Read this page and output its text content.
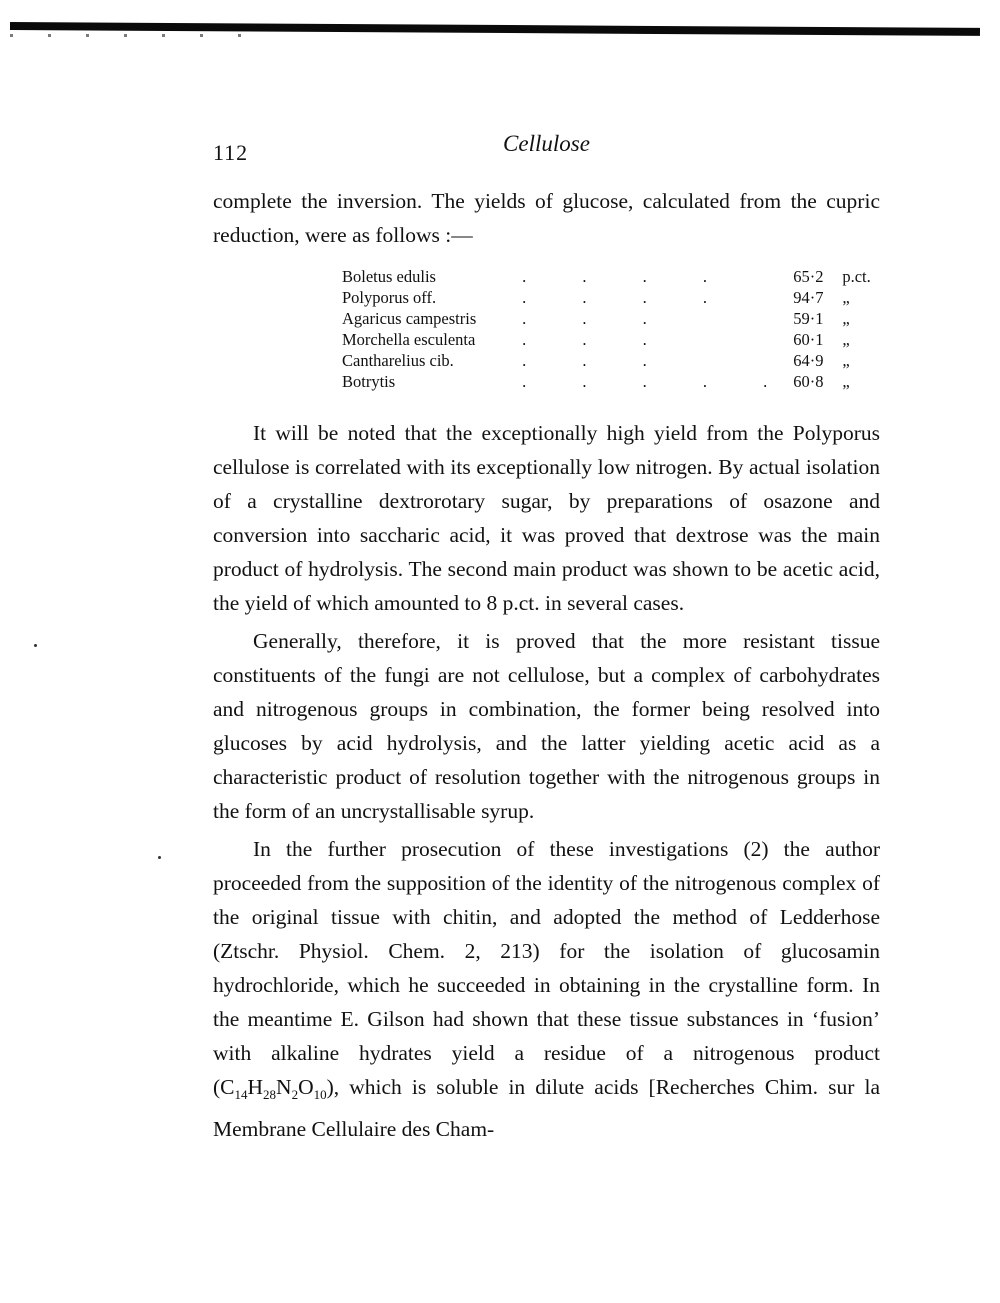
112	Cellulose

complete the inversion. The yields of glucose, calculated from the cupric reduction, were as follows :—

Boletus edulis	. . . .	65·2	p.ct.
Polyporus off.	. . . .	94·7	„
Agaricus campestris	. . .	59·1	„
Morchella esculenta	. . .	60·1	„
Cantharelius cib.	. . .	64·9	„
Botrytis	. . . . .	60·8	„

It will be noted that the exceptionally high yield from the Polyporus cellulose is correlated with its exceptionally low nitrogen. By actual isolation of a crystalline dextrorotary sugar, by preparations of osazone and conversion into saccharic acid, it was proved that dextrose was the main product of hydrolysis. The second main product was shown to be acetic acid, the yield of which amounted to 8 p.ct. in several cases.

Generally, therefore, it is proved that the more resistant tissue constituents of the fungi are not cellulose, but a complex of carbohydrates and nitrogenous groups in combination, the former being resolved into glucoses by acid hydrolysis, and the latter yielding acetic acid as a characteristic product of resolution together with the nitrogenous groups in the form of an uncrystallisable syrup.

In the further prosecution of these investigations (2) the author proceeded from the supposition of the identity of the nitrogenous complex of the original tissue with chitin, and adopted the method of Ledderhose (Ztschr. Physiol. Chem. 2, 213) for the isolation of glucosamin hydrochloride, which he succeeded in obtaining in the crystalline form. In the meantime E. Gilson had shown that these tissue substances in ‘fusion’ with alkaline hydrates yield a residue of a nitrogenous product $(C_{14}H_{28}N_2O_{10})$, which is soluble in dilute acids [Recherches Chim. sur la Membrane Cellulaire des Cham-
